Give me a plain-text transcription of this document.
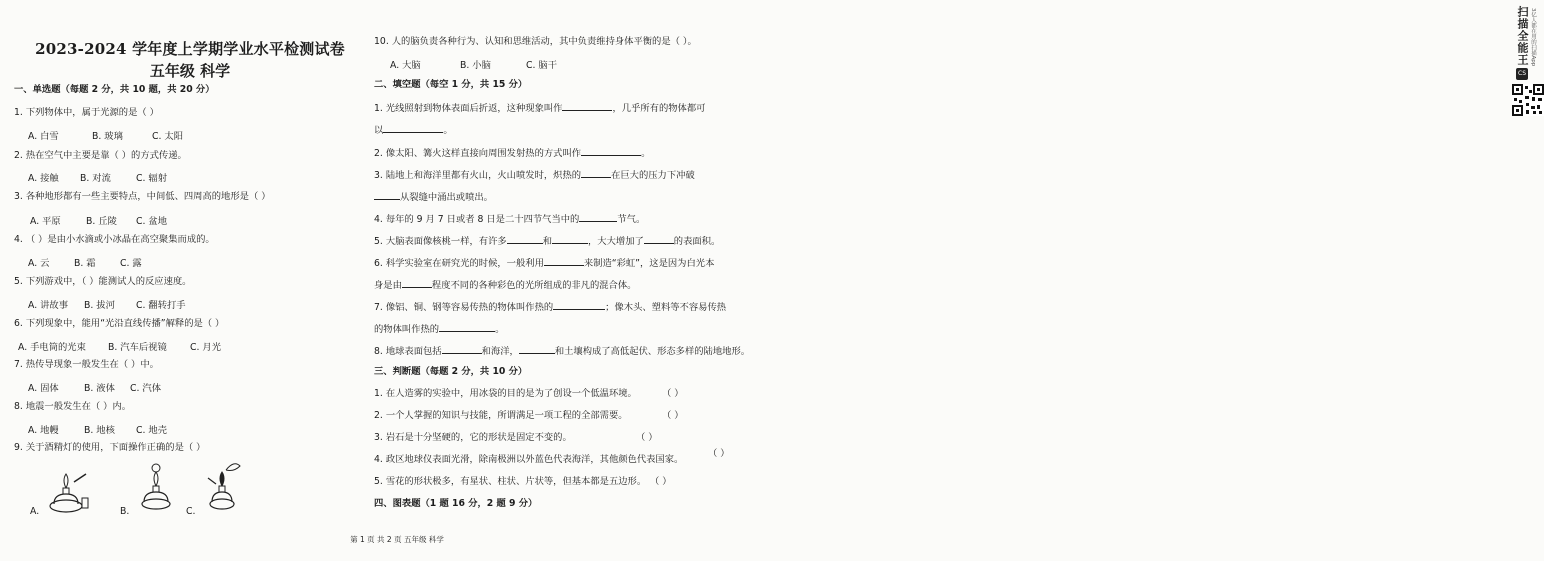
2023-2024 学年度上学期学业水平检测试卷
五年级 科学
一、单选题（每题 2 分，共 10 题，共 20 分）
1. 下列物体中，属于光源的是（ ）
A. 白雪	B. 玻璃	C. 太阳
2. 热在空气中主要是靠（ ）的方式传递。
A. 接触 B. 对流	C. 辐射
3. 各种地形都有一些主要特点，中间低、四周高的地形是（ ）
A. 平原	B. 丘陵 C. 盆地
4. （ ）是由小水滴或小冰晶在高空聚集而成的。
A. 云	B. 霜	C. 露
5. 下列游戏中，（ ）能测试人的反应速度。
A. 讲故事 B. 拔河 C. 翻转打手
6. 下列现象中，能用“光沿直线传播”解释的是（ ）
A. 手电筒的光束 B. 汽车后视镜 C. 月光
7. 热传导现象一般发生在（ ）中。
A. 固体	B. 液体 C. 汽体
8. 地震一般发生在（ ）内。
A. 地幔	B. 地核 C. 地壳
9. 关于酒精灯的使用，下面操作正确的是（ ）
A.	B.	C.
10. 人的脑负责各种行为、认知和思维活动，其中负责维持身体平衡的是（ ）。
A. 大脑	B. 小脑	C. 脑干
二、填空题（每空 1 分，共 15 分）
1. 光线照射到物体表面后折返，这种现象叫作	，几乎所有的物体都可
以	。
2. 像太阳、篝火这样直接向周围发射热的方式叫作	。
3. 陆地上和海洋里都有火山，火山喷发时，炽热的	在巨大的压力下冲破
从裂缝中涌出或喷出。
4. 每年的 9 月 7 日或者 8 日是二十四节气当中的	节气。
5. 大脑表面像核桃一样，有许多	和	，大大增加了	的表面积。
6. 科学实验室在研究光的时候，一般利用	来制造“彩虹”，这是因为白光本
身是由	程度不同的各种彩色的光所组成的非凡的混合体。
7. 像铝、铜、钢等容易传热的物体叫作热的	；像木头、塑料等不容易传热
的物体叫作热的	。
8. 地球表面包括	和海洋，	和土壤构成了高低起伏、形态多样的陆地地形。
三、判断题（每题 2 分，共 10 分）
1. 在人造雾的实验中，用冰袋的目的是为了创设一个低温环境。	（ ）
2. 一个人掌握的知识与技能，所谓满足一项工程的全部需要。	（ ）
3. 岩石是十分坚硬的，它的形状是固定不变的。	（ ）
4. 政区地球仪表面光滑，除南极洲以外蓝色代表海洋，其他颜色代表国家。
（ ）
5. 雪花的形状极多，有星状、柱状、片状等，但基本都是五边形。 （ ）
四、图表题（1 题 16 分，2 题 9 分）
第 1 页 共 2 页 五年级 科学
扫描全能王 3亿人都在用的扫描App
CS
